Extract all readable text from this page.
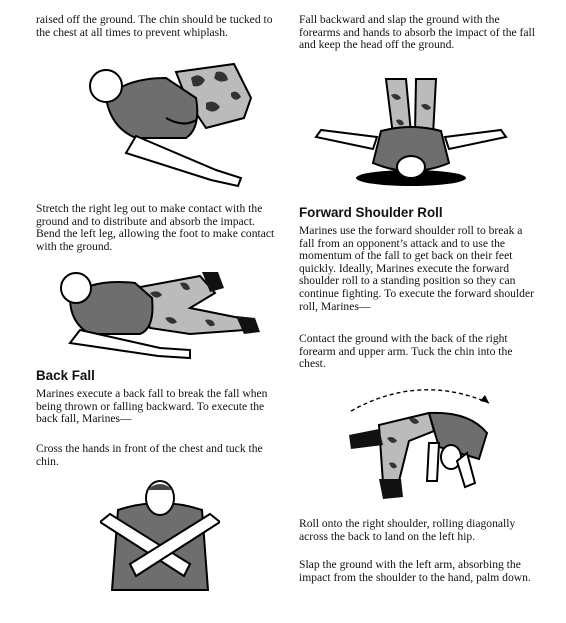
raised off the ground. The chin should be tucked to the chest at all times to prevent whiplash.

Stretch the right leg out to make contact with the ground and to distribute and absorb the impact. Bend the left leg, allowing the foot to make contact with the ground.

Back Fall

Marines execute a back fall to break the fall when being thrown or falling backward. To execute the back fall, Marines—

Cross the hands in front of the chest and tuck the chin.

Fall backward and slap the ground with the forearms and hands to absorb the impact of the fall and keep the head off the ground.

Forward Shoulder Roll

Marines use the forward shoulder roll to break a fall from an opponent’s attack and to use the momentum of the fall to get back on their feet quickly. Ideally, Marines execute the forward shoulder roll to a standing position so they can continue fighting. To execute the forward shoulder roll, Marines—

Contact the ground with the back of the right forearm and upper arm. Tuck the chin into the chest.

Roll onto the right shoulder, rolling diagonally across the back to land on the left hip.

Slap the ground with the left arm, absorbing the impact from the shoulder to the hand, palm down.
